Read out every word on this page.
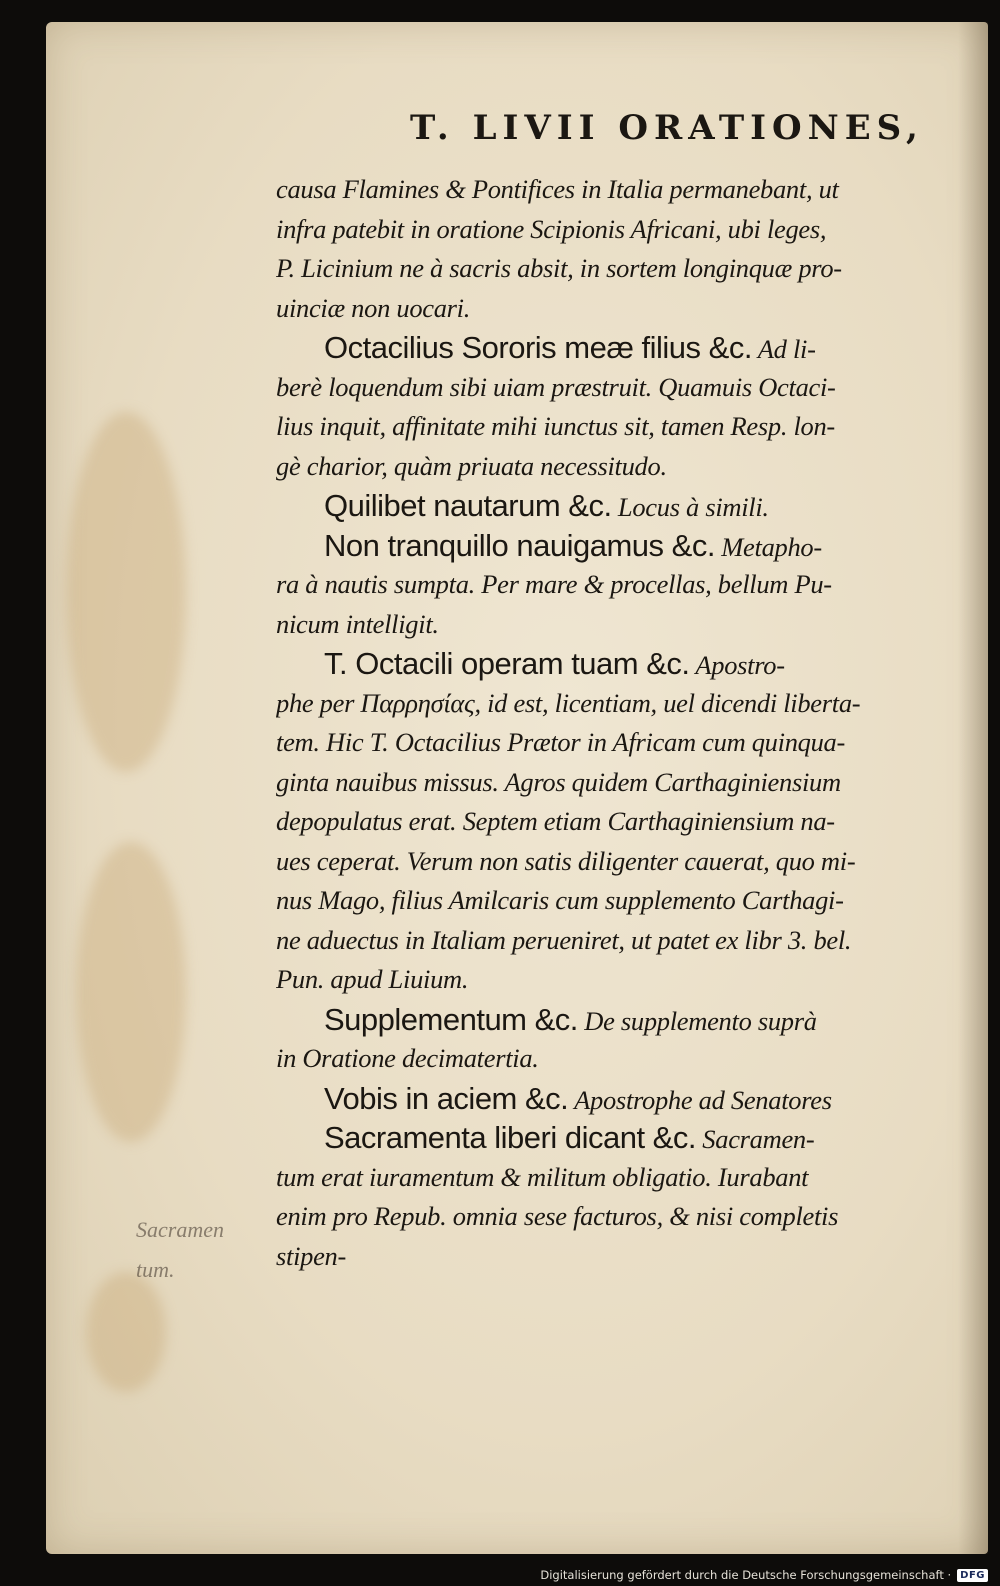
T. LIVII ORATIONES,
causa Flamines & Pontifices in Italia permanebant, ut
infra patebit in oratione Scipionis Africani, ubi leges,
P. Licinium ne à sacris absit, in sortem longinquæ pro-
uinciæ non uocari.
Octacilius Sororis meæ filius &c. Ad li-
berè loquendum sibi uiam præstruit. Quamuis Octaci-
lius inquit, affinitate mihi iunctus sit, tamen Resp. lon-
gè charior, quàm priuata necessitudo.
Quilibet nautarum &c. Locus à simili.
Non tranquillo nauigamus &c. Metapho-
ra à nautis sumpta. Per mare & procellas, bellum Pu-
nicum intelligit.
T. Octacili operam tuam &c. Apostro-
phe per Παρρησίας, id est, licentiam, uel dicendi liberta-
tem. Hic T. Octacilius Prætor in Africam cum quinqua-
ginta nauibus missus. Agros quidem Carthaginiensium
depopulatus erat. Septem etiam Carthaginiensium na-
ues ceperat. Verum non satis diligenter cauerat, quo mi-
nus Mago, filius Amilcaris cum supplemento Carthagi-
ne aduectus in Italiam perueniret, ut patet ex libr 3. bel.
Pun. apud Liuium.
Supplementum &c. De supplemento suprà
in Oratione decimatertia.
Vobis in aciem &c. Apostrophe ad Senatores
Sacramenta liberi dicant &c. Sacramen-
tum erat iuramentum & militum obligatio. Iurabant
enim pro Repub. omnia sese facturos, & nisi completis
stipen-
Sacramen
tum.
Digitalisierung gefördert durch die Deutsche Forschungsgemeinschaft · DFG
